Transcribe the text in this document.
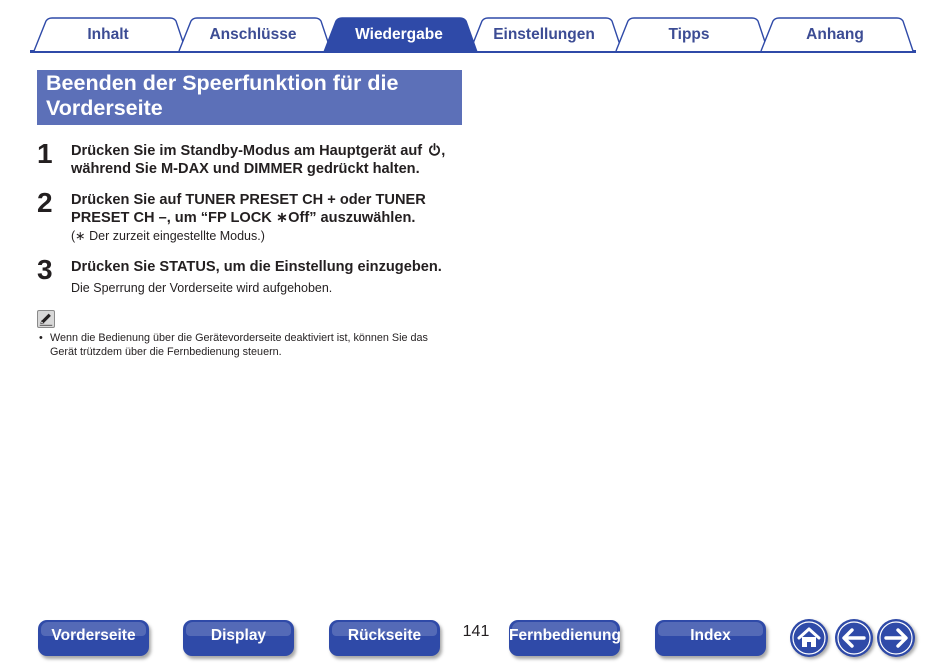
Inhalt	Anschlüsse	Wiedergabe	Einstellungen	Tipps	Anhang
Beenden der Speerfunktion für die
Vorderseite
1 Drücken Sie im Standby-Modus am Hauptgerät auf ,
während Sie M-DAX und DIMMER gedrückt halten.
2 Drücken Sie auf TUNER PRESET CH + oder TUNER
PRESET CH –, um “FP LOCK ∗Off” auszuwählen.
(∗ Der zurzeit eingestellte Modus.)
3 Drücken Sie STATUS, um die Einstellung einzugeben.
Die Sperrung der Vorderseite wird aufgehoben.
• Wenn die Bedienung über die Gerätevorderseite deaktiviert ist, können Sie das
Gerät trützdem über die Fernbedienung steuern.
Vorderseite	Display	Rückseite	141	Fernbedienung	Index
